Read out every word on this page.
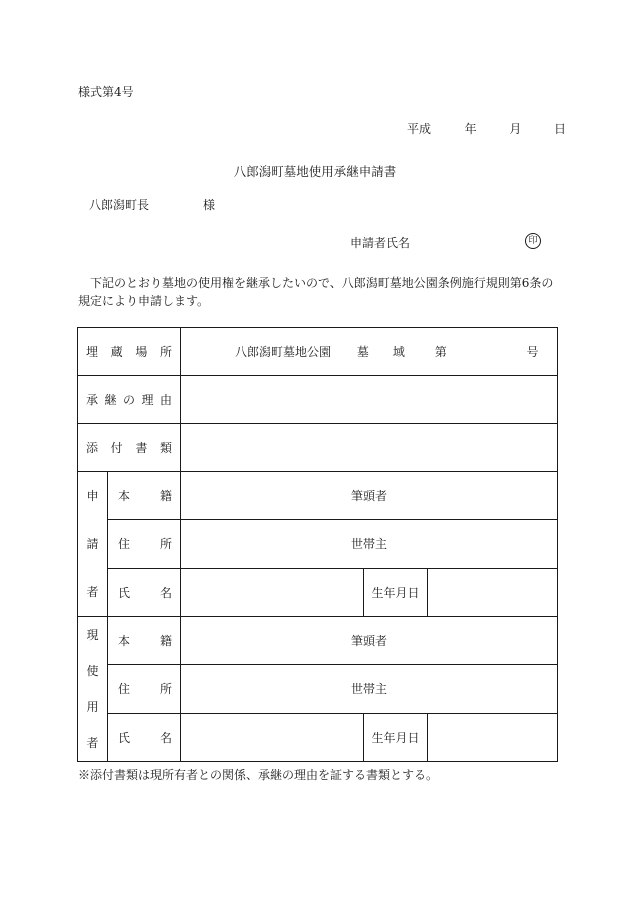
様式第4号
平成	年	月	日
八郎潟町墓地使用承継申請書
八郎潟町長	様
申請者氏名	印
下記のとおり墓地の使用権を継承したいので、八郎潟町墓地公園条例施行規則第6条の規定により申請します。
埋蔵場所		八郎潟町墓地公園 墓域 第 号		
承継の理由				
添付書類				

申
請
者	本籍	筆頭者		
	住所	世帯主		
	氏名		生年月日	

現
使
用
者	本籍	筆頭者		
	住所	世帯主		
	氏名		生年月日	
※添付書類は現所有者との関係、承継の理由を証する書類とする。
